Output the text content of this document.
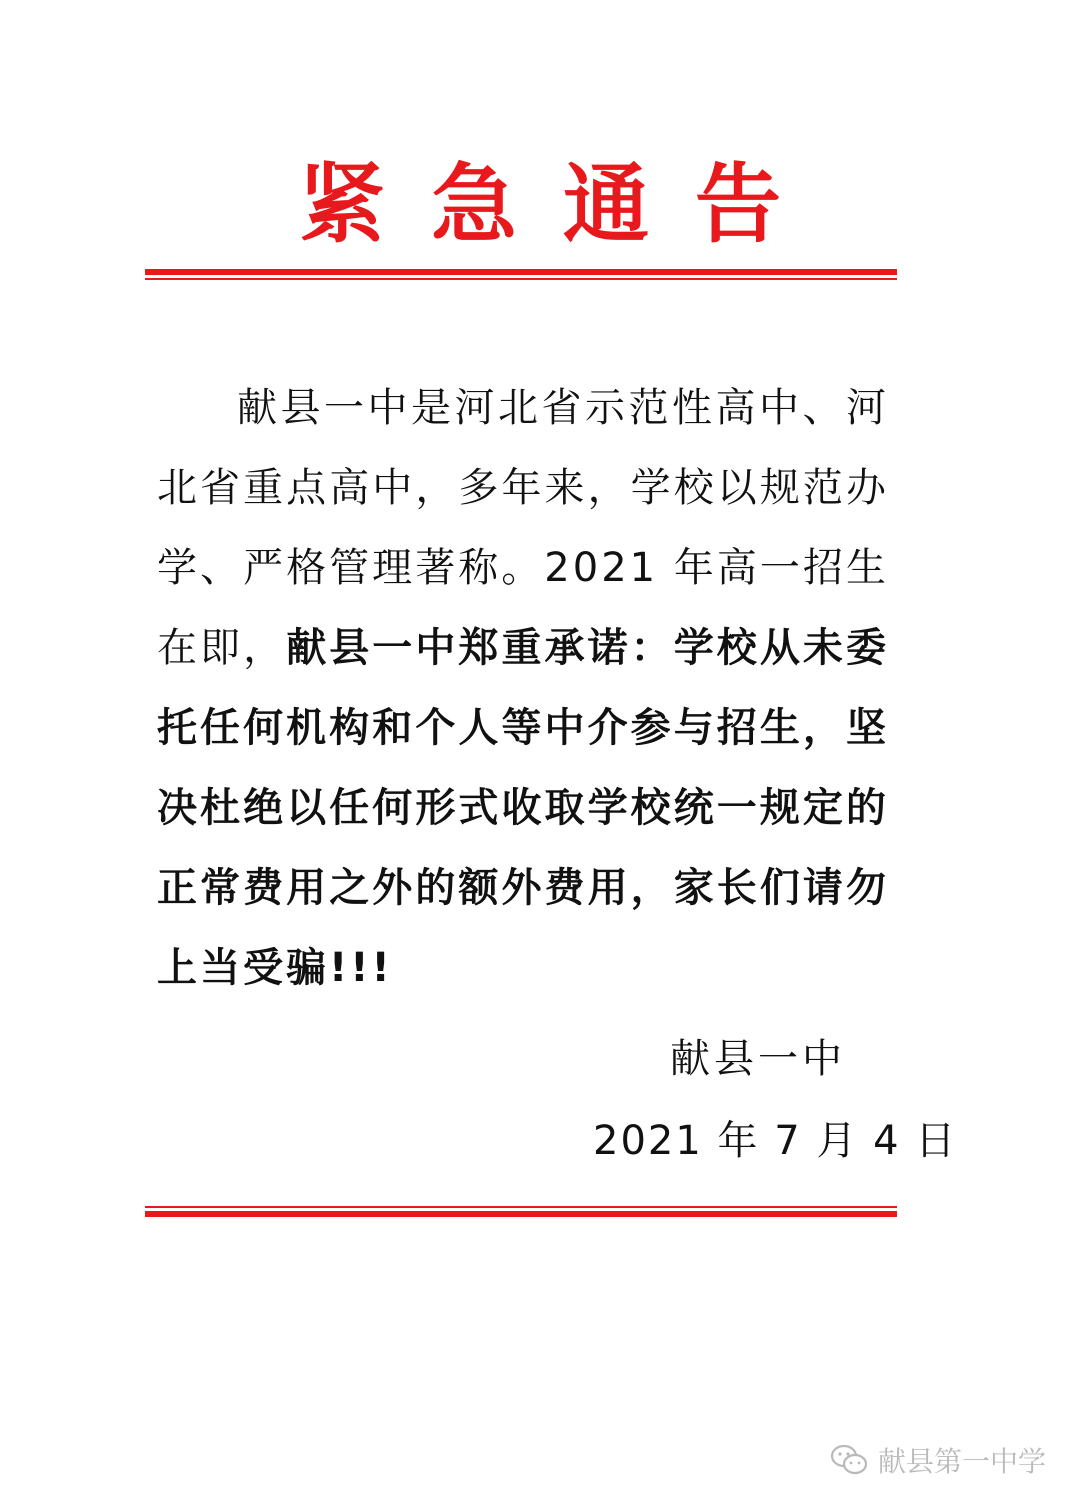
紧急通告
献县一中是河北省示范性高中、河北省重点高中，多年来，学校以规范办学、严格管理著称。2021 年高一招生在即，献县一中郑重承诺：学校从未委托任何机构和个人等中介参与招生，坚决杜绝以任何形式收取学校统一规定的正常费用之外的额外费用，家长们请勿上当受骗!!!
献县一中
2021 年 7 月 4 日
献县第一中学
